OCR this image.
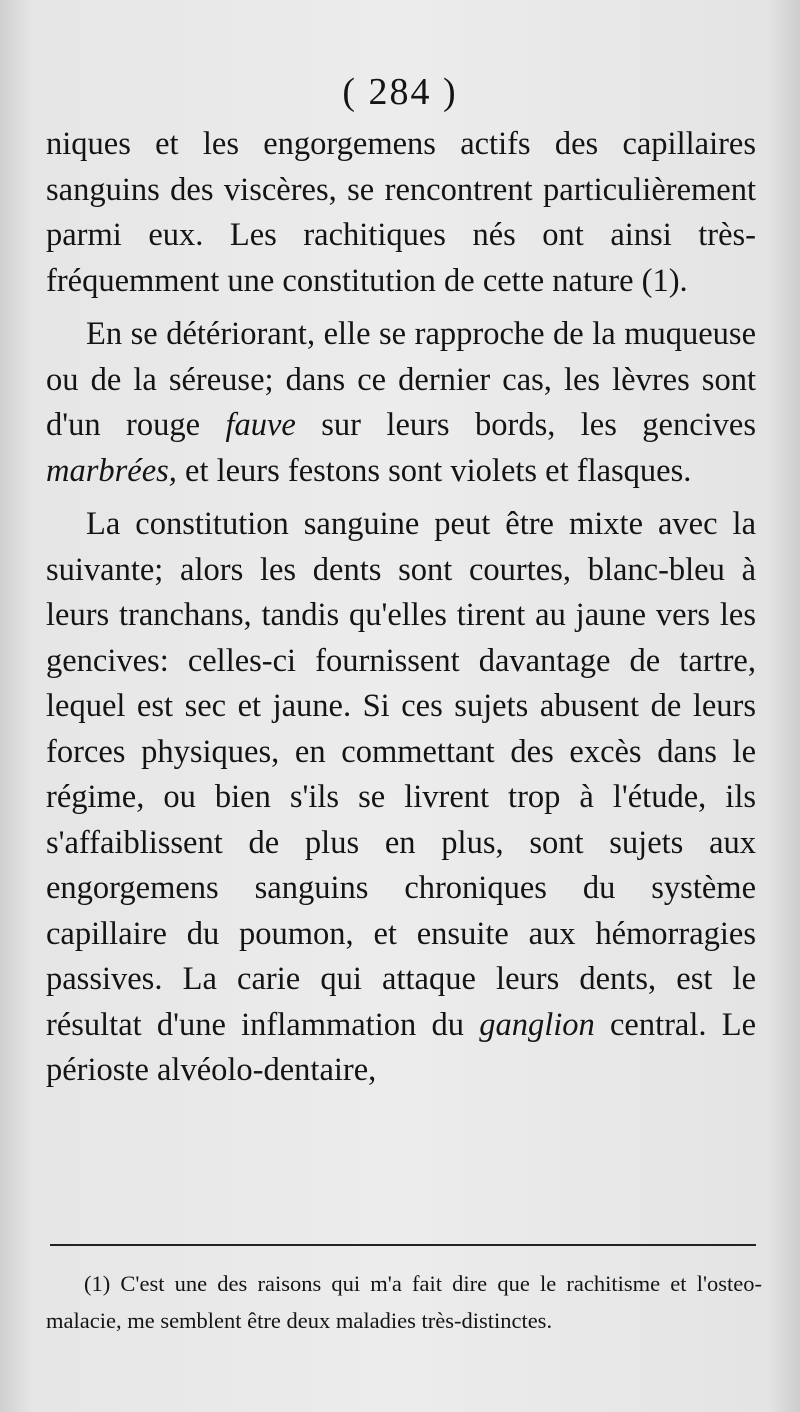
( 284 )

niques et les engorgemens actifs des capillaires sanguins des viscères, se rencontrent particulièrement parmi eux. Les rachitiques nés ont ainsi très-fréquemment une constitution de cette nature (1).

En se détériorant, elle se rapproche de la muqueuse ou de la séreuse; dans ce dernier cas, les lèvres sont d'un rouge fauve sur leurs bords, les gencives marbrées, et leurs festons sont violets et flasques.

La constitution sanguine peut être mixte avec la suivante; alors les dents sont courtes, blanc-bleu à leurs tranchans, tandis qu'elles tirent au jaune vers les gencives: celles-ci fournissent davantage de tartre, lequel est sec et jaune. Si ces sujets abusent de leurs forces physiques, en commettant des excès dans le régime, ou bien s'ils se livrent trop à l'étude, ils s'affaiblissent de plus en plus, sont sujets aux engorgemens sanguins chroniques du système capillaire du poumon, et ensuite aux hémorragies passives. La carie qui attaque leurs dents, est le résultat d'une inflammation du ganglion central. Le périoste alvéolo-dentaire,

(1) C'est une des raisons qui m'a fait dire que le rachitisme et l'osteo-malacie, me semblent être deux maladies très-distinctes.
